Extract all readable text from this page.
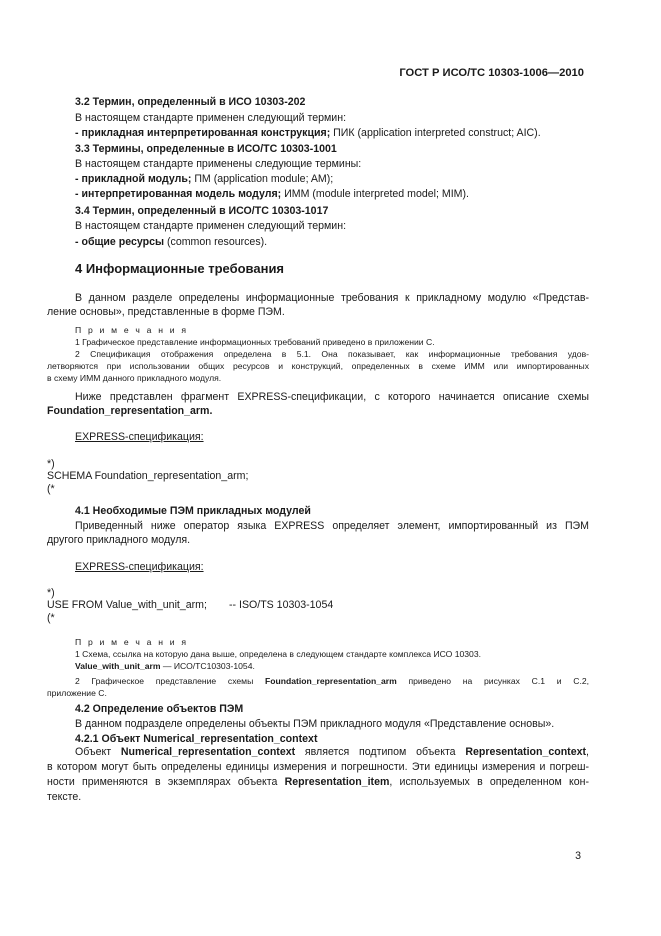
ГОСТ Р ИСО/ТС 10303-1006—2010
3.2 Термин, определенный в ИСО 10303-202
В настоящем стандарте применен следующий термин:
- прикладная интерпретированная конструкция; ПИК (application interpreted construct; AIC).
3.3 Термины, определенные в ИСО/ТС 10303-1001
В настоящем стандарте применены следующие термины:
- прикладной модуль; ПМ (application module; AM);
- интерпретированная модель модуля; ИММ (module interpreted model; MIM).
3.4 Термин, определенный в ИСО/ТС 10303-1017
В настоящем стандарте применен следующий термин:
- общие ресурсы (common resources).
4 Информационные требования
В данном разделе определены информационные требования к прикладному модулю «Представ-
ление основы», представленные в форме ПЭМ.
П р и м е ч а н и я
1 Графическое представление информационных требований приведено в приложении С.
2 Спецификация отображения определена в 5.1. Она показывает, как информационные требования удов-
летворяются при использовании общих ресурсов и конструкций, определенных в схеме ИММ или импортированных
в схему ИММ данного прикладного модуля.
Ниже представлен фрагмент EXPRESS-спецификации, с которого начинается описание схемы
Foundation_representation_arm.
EXPRESS-спецификация:
*)
SCHEMA Foundation_representation_arm;
(*
4.1 Необходимые ПЭМ прикладных модулей
Приведенный ниже оператор языка EXPRESS определяет элемент, импортированный из ПЭМ
другого прикладного модуля.
EXPRESS-спецификация:
*)
USE FROM Value_with_unit_arm; -- ISO/TS 10303-1054
(*
П р и м е ч а н и я
1 Схема, ссылка на которую дана выше, определена в следующем стандарте комплекса ИСО 10303.
Value_with_unit_arm — ИСО/ТС10303-1054.
2 Графическое представление схемы Foundation_representation_arm приведено на рисунках С.1 и С.2,
приложение С.
4.2 Определение объектов ПЭМ
В данном подразделе определены объекты ПЭМ прикладного модуля «Представление основы».
4.2.1 Объект Numerical_representation_context
Объект Numerical_representation_context является подтипом объекта Representation_context,
в котором могут быть определены единицы измерения и погрешности. Эти единицы измерения и погреш-
ности применяются в экземплярах объекта Representation_item, используемых в определенном кон-
тексте.
3
